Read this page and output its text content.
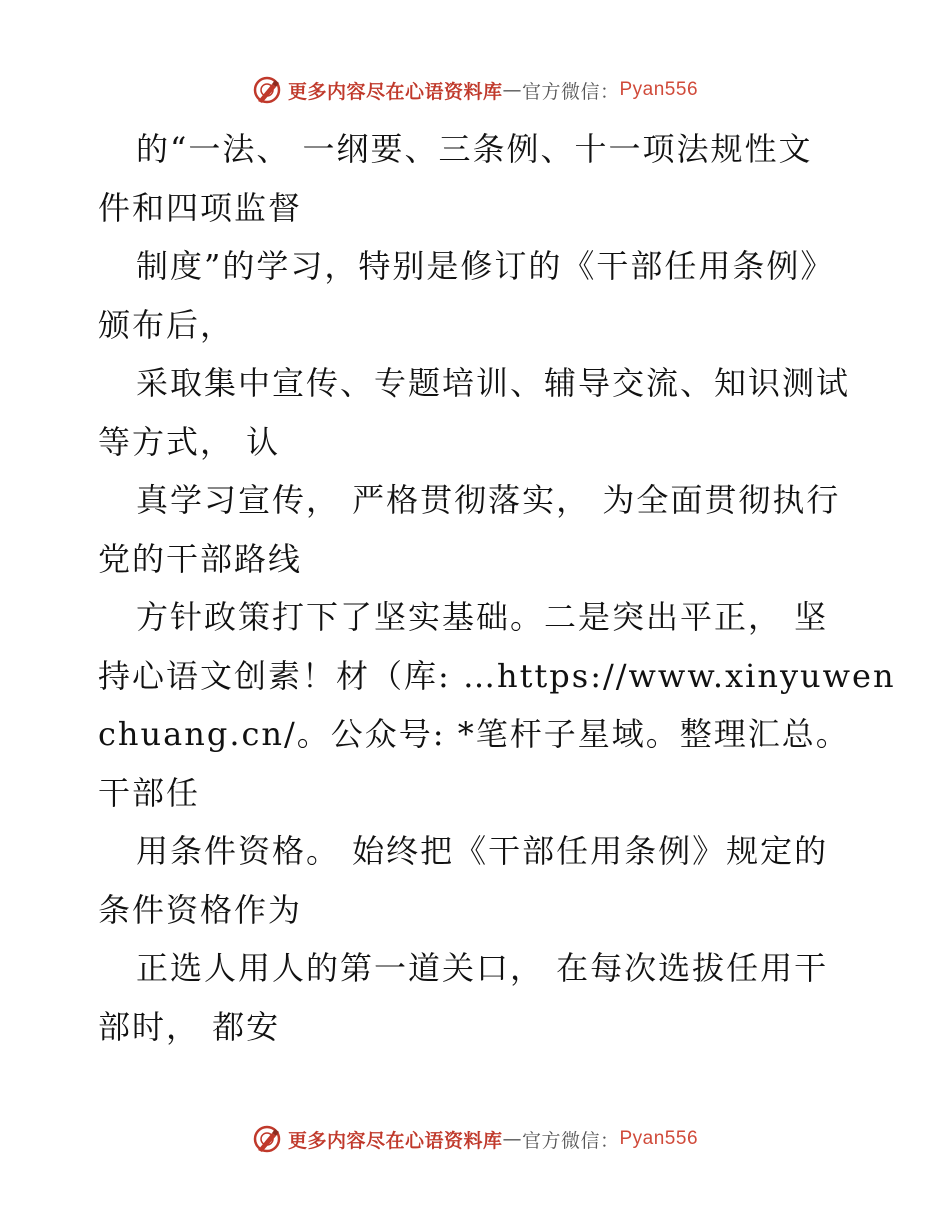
更多内容尽在心语资料库 — 官方微信： Pyan556
的“一法、 一纲要、三条例、十一项法规性文
件和四项监督
制度”的学习，特别是修订的《干部任用条例》
颁布后，
采取集中宣传、专题培训、辅导交流、知识测试
等方式， 认
真学习宣传， 严格贯彻落实， 为全面贯彻执行
党的干部路线
方针政策打下了坚实基础。二是突出平正， 坚
持心语文创素！材（库: …https://www.xinyuwen
chuang.cn/。公众号: *笔杆子星域。整理汇总。
干部任
用条件资格。 始终把《干部任用条例》规定的
条件资格作为
正选人用人的第一道关口， 在每次选拔任用干
部时， 都安
更多内容尽在心语资料库 — 官方微信： Pyan556
